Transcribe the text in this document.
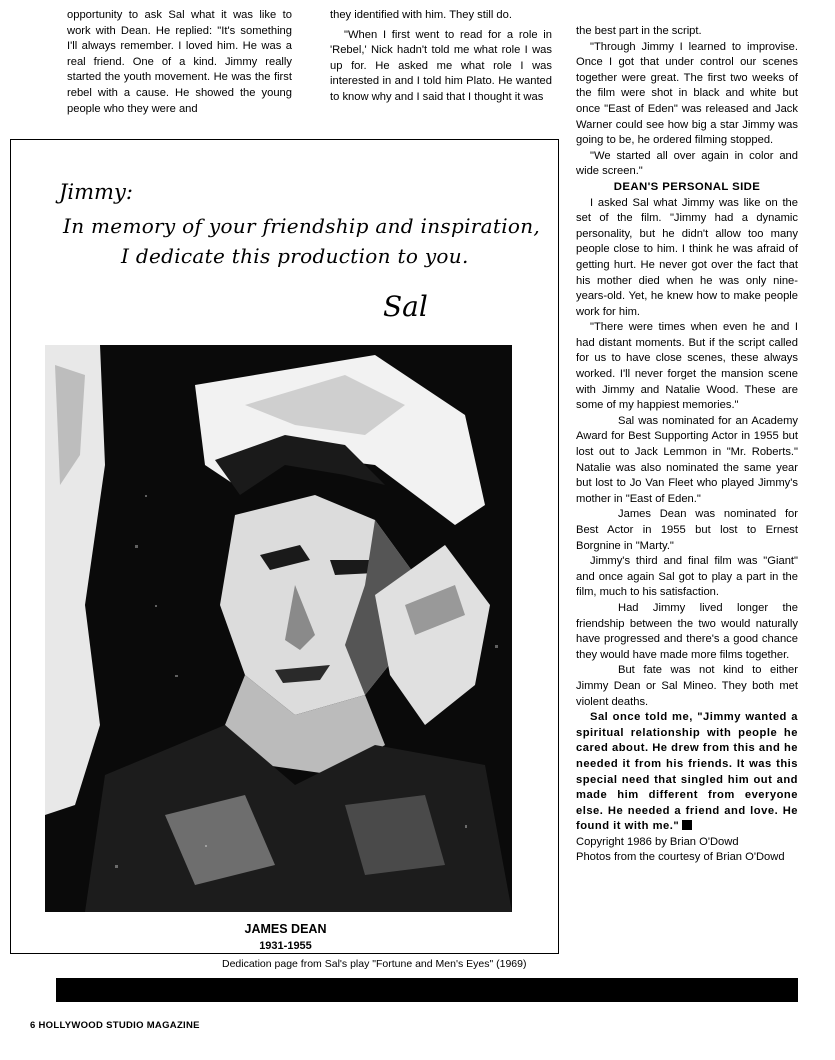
opportunity to ask Sal what it was like to work with Dean. He replied: "It's something I'll always remember. I loved him. He was a real friend. One of a kind. Jimmy really started the youth movement. He was the first rebel with a cause. He showed the young people who they were and

they identified with him. They still do.

"When I first went to read for a role in 'Rebel,' Nick hadn't told me what role I was up for. He asked me what role I was interested in and I told him Plato. He wanted to know why and I said that I thought it was

the best part in the script.

"Through Jimmy I learned to improvise. Once I got that under control our scenes together were great. The first two weeks of the film were shot in black and white but once "East of Eden" was released and Jack Warner could see how big a star Jimmy was going to be, he ordered filming stopped.

"We started all over again in color and wide screen."

DEAN'S PERSONAL SIDE

I asked Sal what Jimmy was like on the set of the film. "Jimmy had a dynamic personality, but he didn't allow too many people close to him. I think he was afraid of getting hurt. He never got over the fact that his mother died when he was only nine-years-old. Yet, he knew how to make people work for him.

"There were times when even he and I had distant moments. But if the script called for us to have close scenes, these always worked. I'll never forget the mansion scene with Jimmy and Natalie Wood. These are some of my happiest memories."

Sal was nominated for an Academy Award for Best Supporting Actor in 1955 but lost out to Jack Lemmon in "Mr. Roberts." Natalie was also nominated the same year but lost to Jo Van Fleet who played Jimmy's mother in "East of Eden."

James Dean was nominated for Best Actor in 1955 but lost to Ernest Borgnine in "Marty."

Jimmy's third and final film was "Giant" and once again Sal got to play a part in the film, much to his satisfaction.

Had Jimmy lived longer the friendship between the two would naturally have progressed and there's a good chance they would have made more films together.

But fate was not kind to either Jimmy Dean or Sal Mineo. They both met violent deaths.

Sal once told me, "Jimmy wanted a spiritual relationship with people he cared about. He drew from this and he needed it from his friends. It was this special need that singled him out and made him different from everyone else. He needed a friend and love. He found it with me."

Copyright 1986 by Brian O'Dowd

Photos from the courtesy of Brian O'Dowd

Jimmy:
In memory of your friendship and inspiration,
I dedicate this production to you.
Sal
JAMES DEAN
1931-1955
Dedication page from Sal's play "Fortune and Men's Eyes" (1969)
6 HOLLYWOOD STUDIO MAGAZINE
